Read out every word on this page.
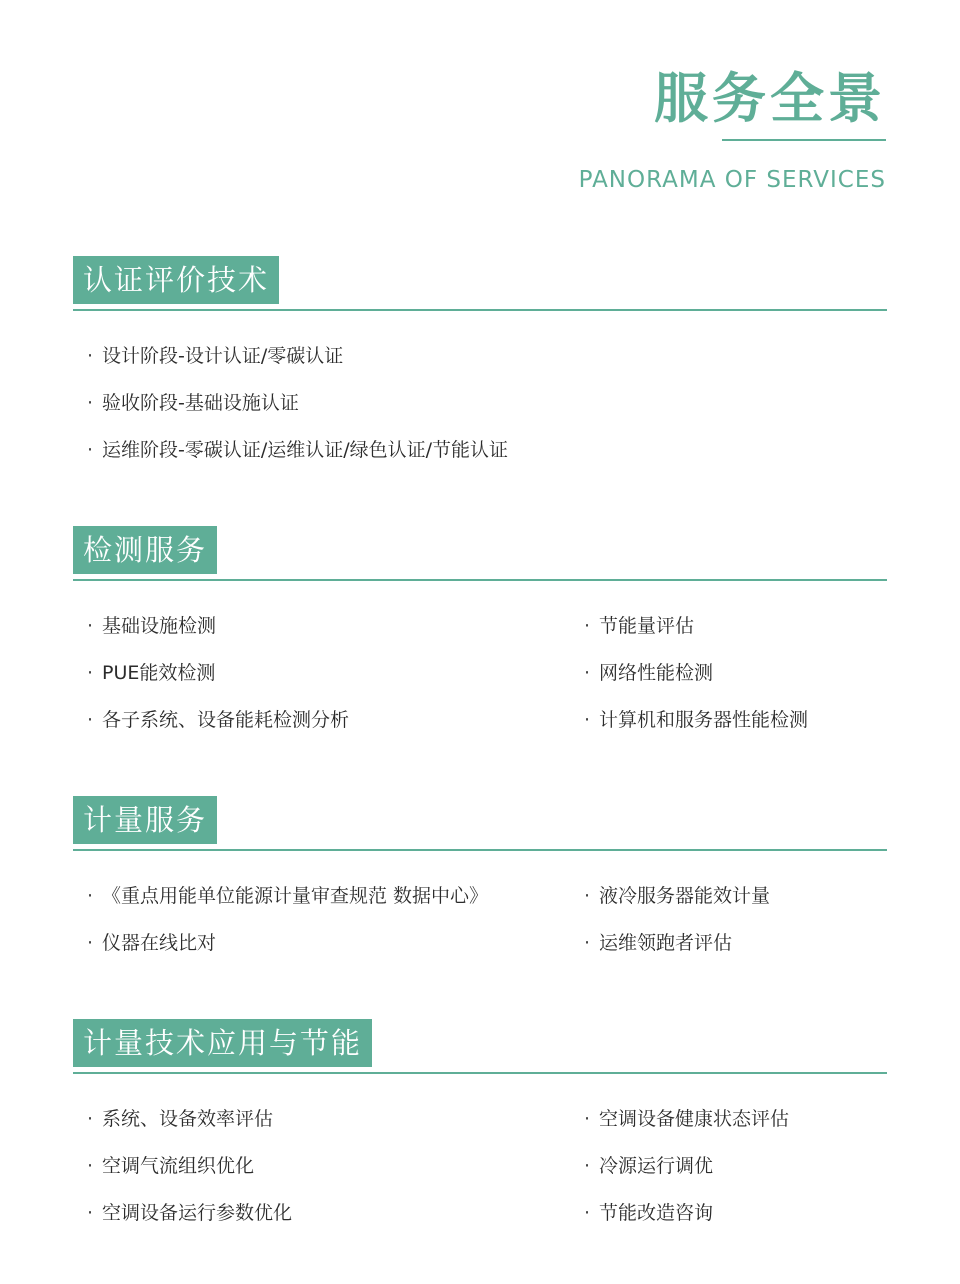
服务全景
PANORAMA OF SERVICES
认证评价技术
· 设计阶段-设计认证/零碳认证
· 验收阶段-基础设施认证
· 运维阶段-零碳认证/运维认证/绿色认证/节能认证
检测服务
· 基础设施检测	· 节能量评估
· PUE能效检测	· 网络性能检测
· 各子系统、设备能耗检测分析	· 计算机和服务器性能检测
计量服务
· 《重点用能单位能源计量审查规范 数据中心》	· 液冷服务器能效计量
· 仪器在线比对	· 运维领跑者评估
计量技术应用与节能
· 系统、设备效率评估	· 空调设备健康状态评估
· 空调气流组织优化	· 冷源运行调优
· 空调设备运行参数优化	· 节能改造咨询
